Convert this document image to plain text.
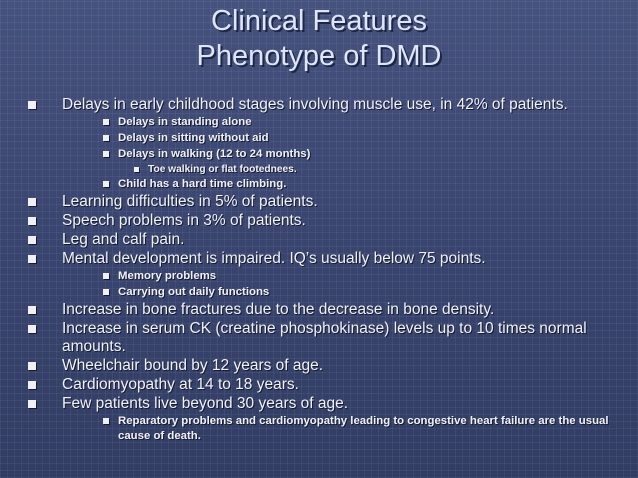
Clinical Features
Phenotype of DMD
Delays in early childhood stages involving muscle use, in 42% of patients.
Delays in standing alone
Delays in sitting without aid
Delays in walking (12 to 24 months)
Toe walking or flat footednees.
Child has a hard time climbing.
Learning difficulties in 5% of patients.
Speech problems in 3% of patients.
Leg and calf pain.
Mental development is impaired. IQ’s usually below 75 points.
Memory problems
Carrying out daily functions
Increase in bone fractures due to the decrease in bone density.
Increase in serum CK (creatine phosphokinase) levels up to 10 times normal amounts.
Wheelchair bound by 12 years of age.
Cardiomyopathy at 14 to 18 years.
Few patients live beyond 30 years of age.
Reparatory problems and cardiomyopathy leading to congestive heart failure are the usual cause of death.
